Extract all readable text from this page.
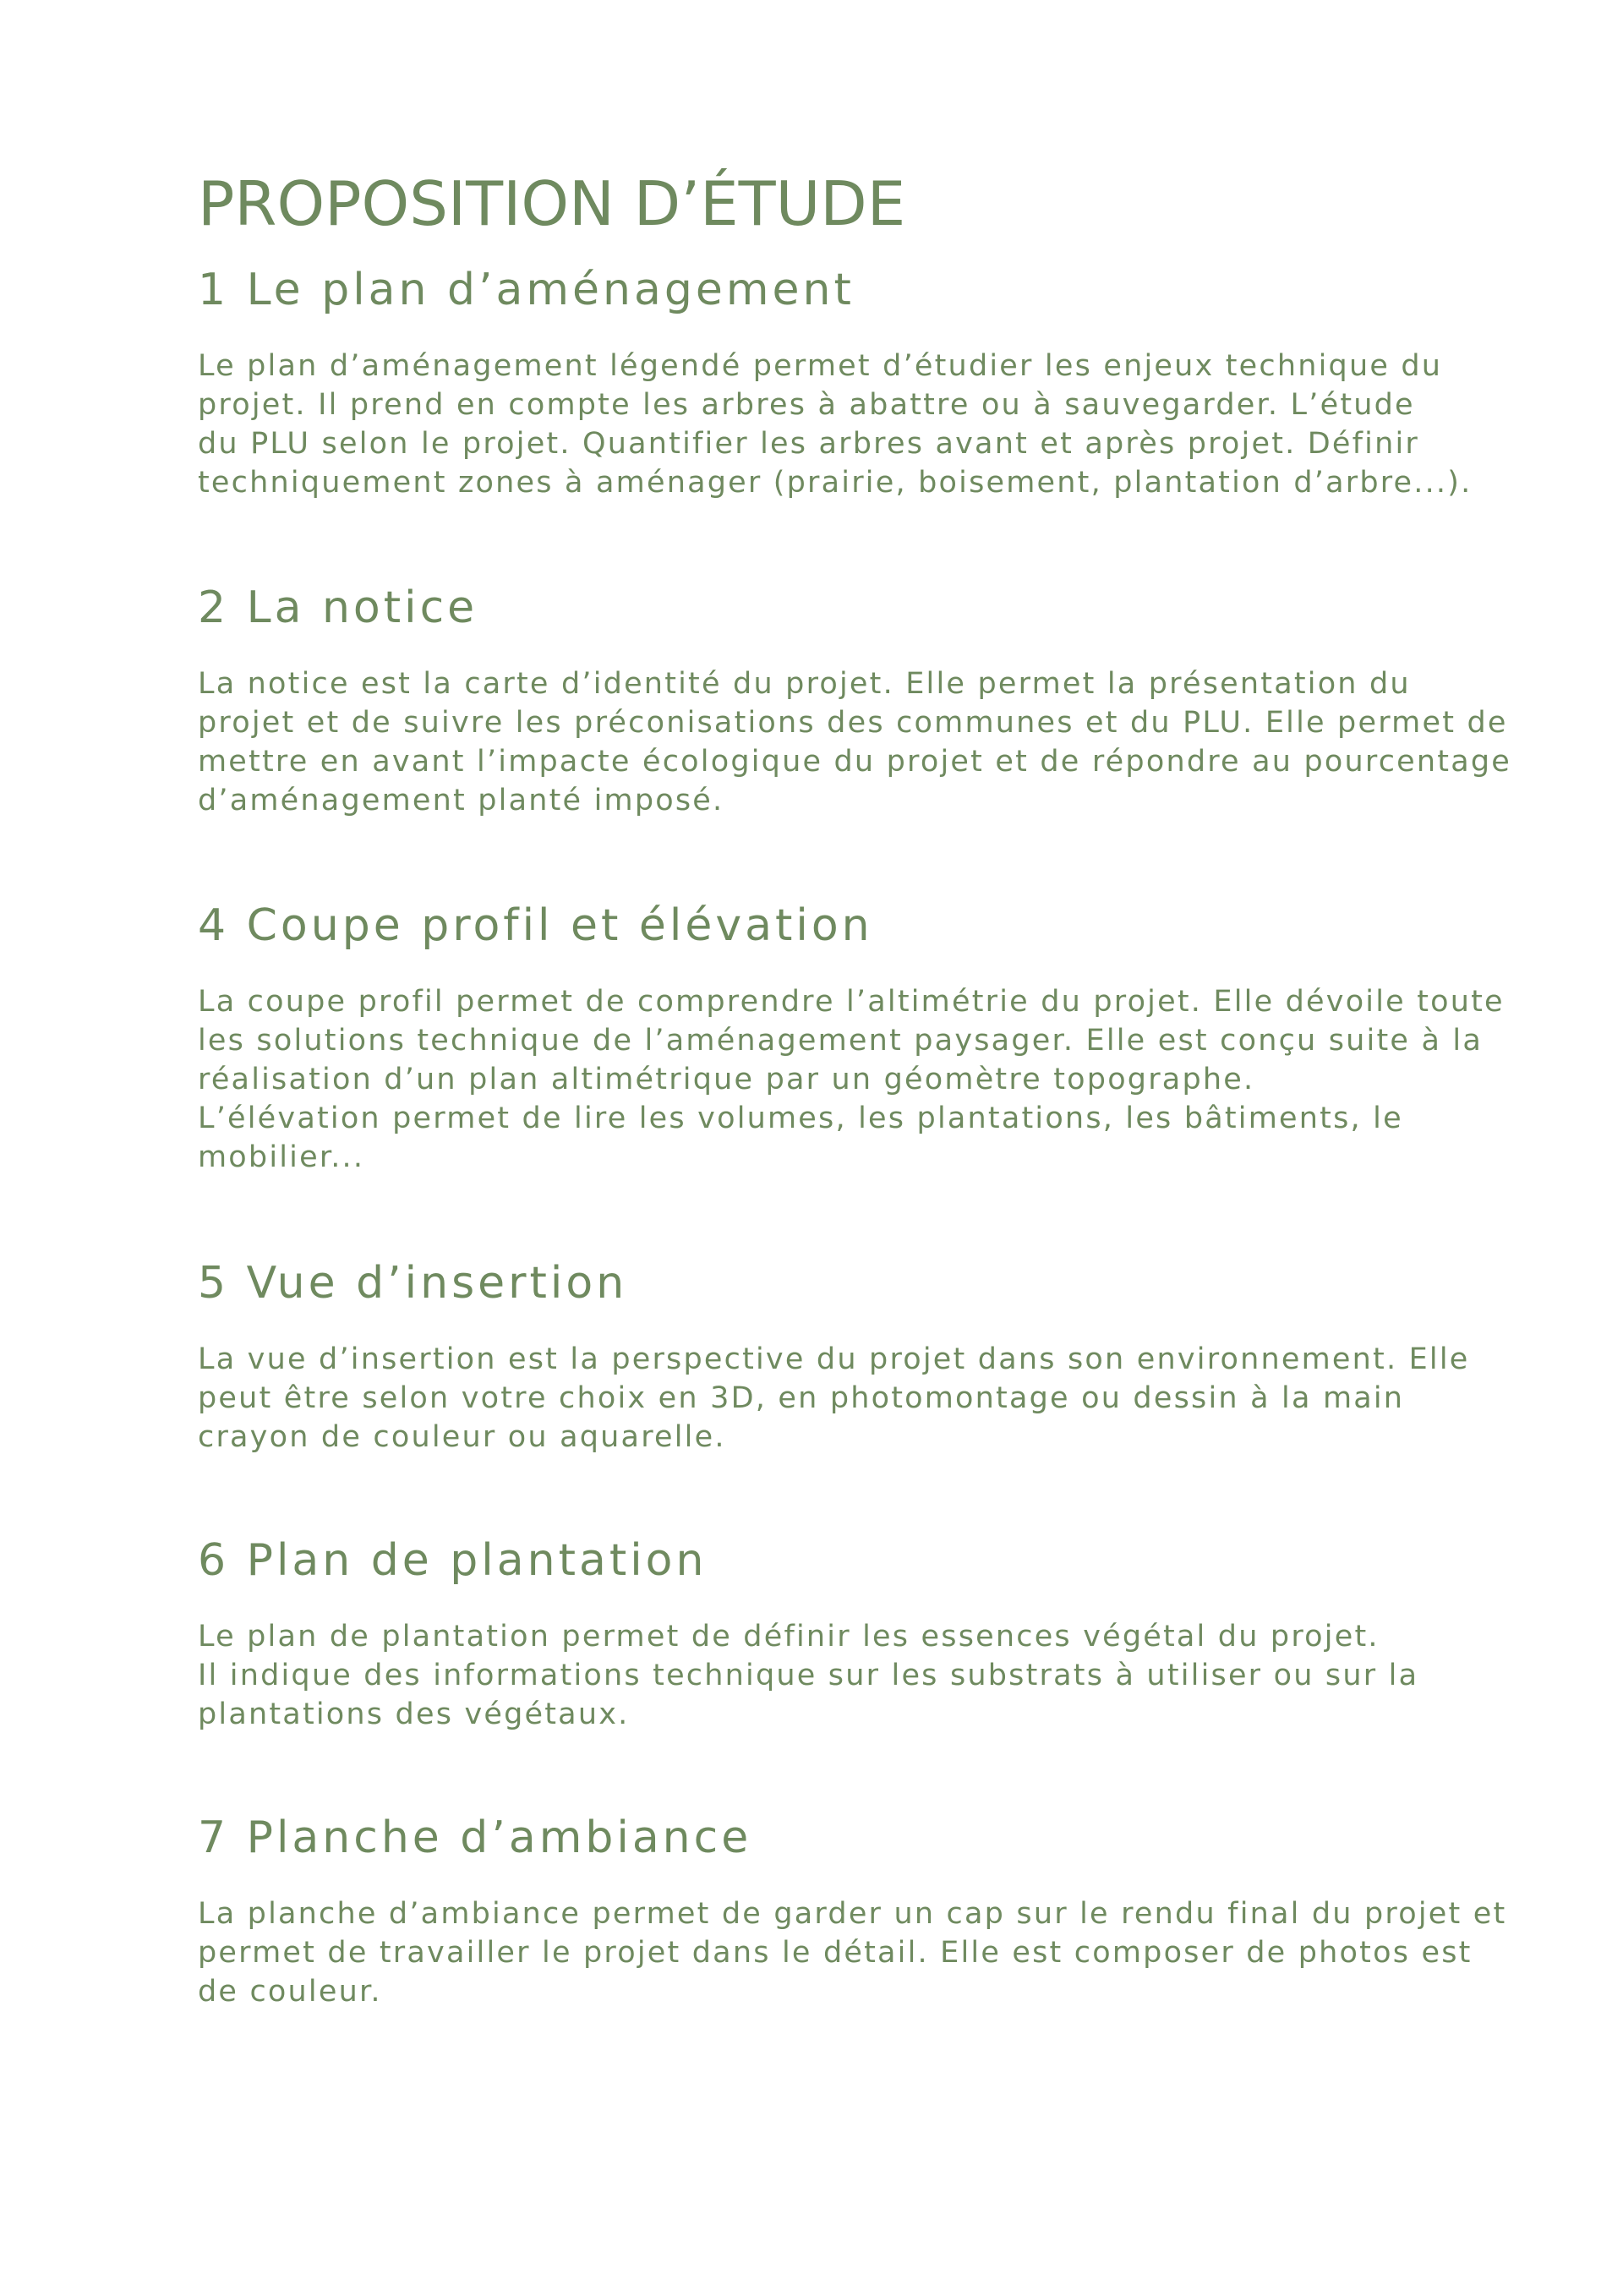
PROPOSITION D’ÉTUDE
1 Le plan d’aménagement

Le plan d’aménagement légendé permet d’étudier les enjeux technique du
projet. Il prend en compte les arbres à abattre ou à sauvegarder. L’étude
du PLU selon le projet. Quantifier les arbres avant et après projet. Définir
techniquement zones à aménager (prairie, boisement, plantation d’arbre...).

2 La notice

La notice est la carte d’identité du projet. Elle permet la présentation du
projet et de suivre les préconisations des communes et du PLU. Elle permet de
mettre en avant l’impacte écologique du projet et de répondre au pourcentage
d’aménagement planté imposé.

4 Coupe profil et élévation

La coupe profil permet de comprendre l’altimétrie du projet. Elle dévoile toute
les solutions technique de l’aménagement paysager. Elle est conçu suite à la
réalisation d’un plan altimétrique par un géomètre topographe.
L’élévation permet de lire les volumes, les plantations, les bâtiments, le
mobilier...

5 Vue d’insertion

La vue d’insertion est la perspective du projet dans son environnement. Elle
peut être selon votre choix en 3D, en photomontage ou dessin à la main
crayon de couleur ou aquarelle.

6 Plan de plantation

Le plan de plantation permet de définir les essences végétal du projet.
Il indique des informations technique sur les substrats à utiliser ou sur la
plantations des végétaux.

7 Planche d’ambiance

La planche d’ambiance permet de garder un cap sur le rendu final du projet et
permet de travailler le projet dans le détail. Elle est composer de photos est
de couleur.
